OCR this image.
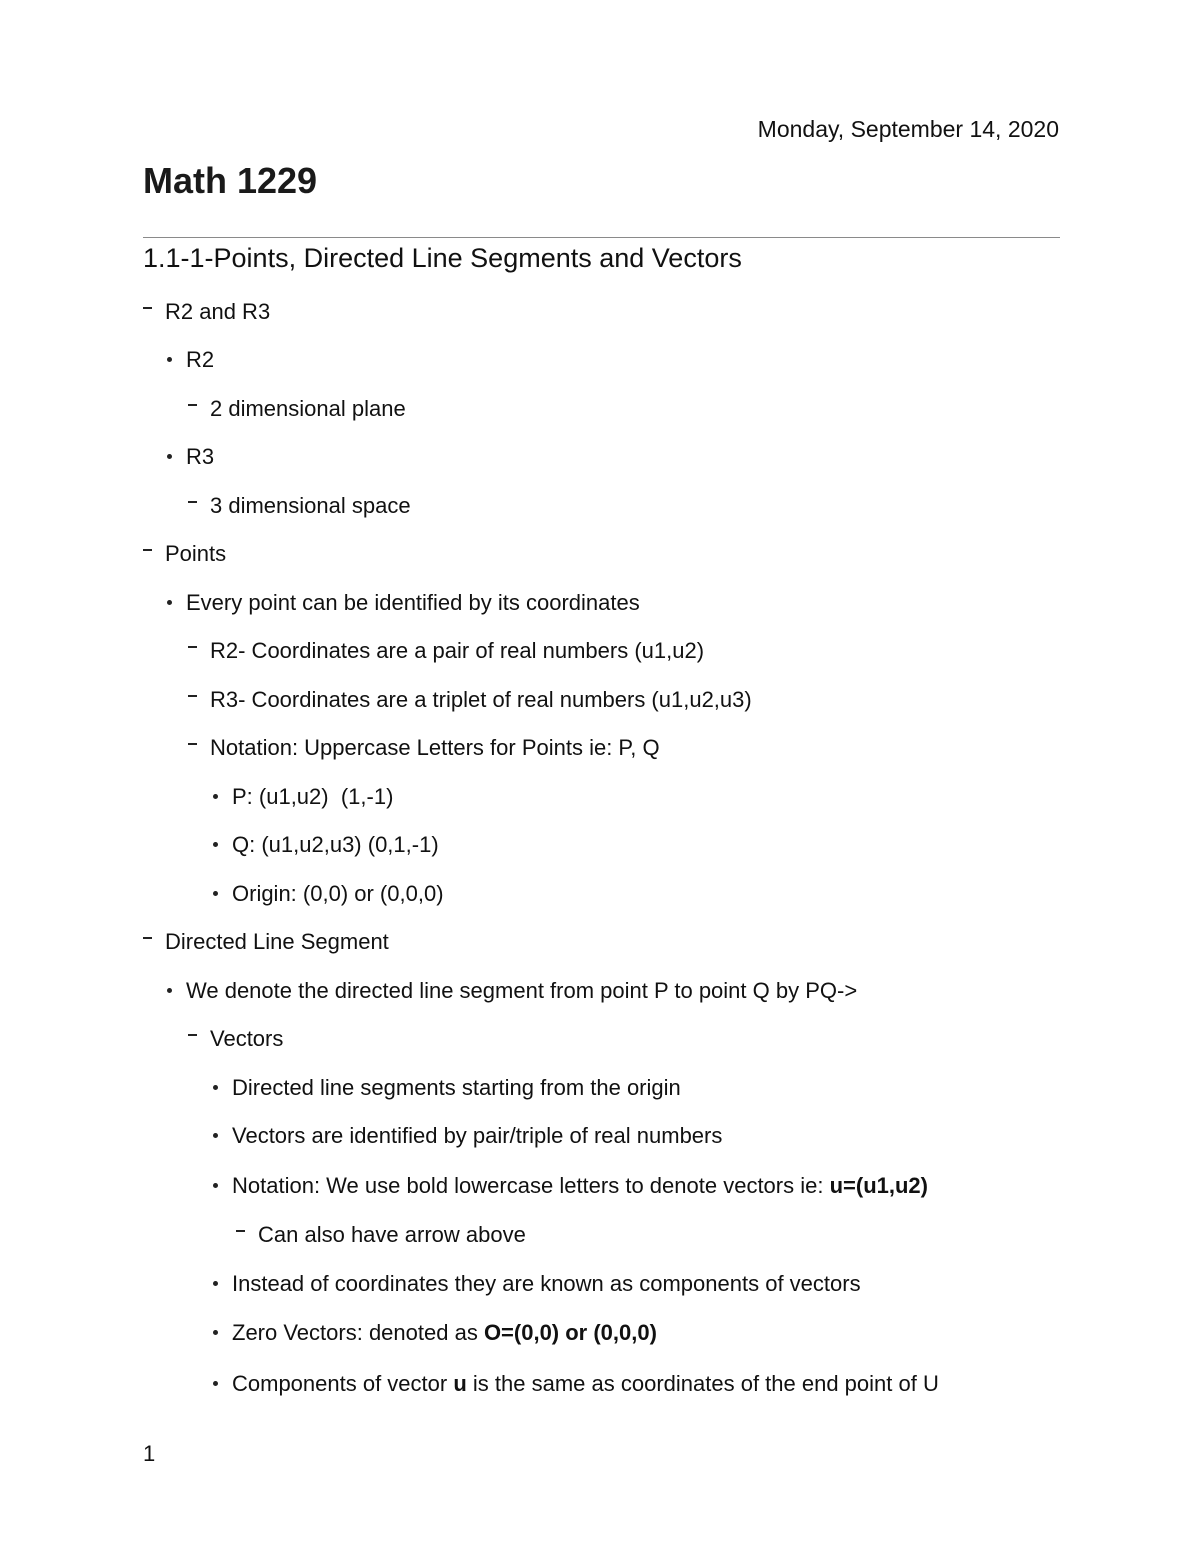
Monday, September 14, 2020
Math 1229
1.1-1-Points, Directed Line Segments and Vectors
R2 and R3
R2
2 dimensional plane
R3
3 dimensional space
Points
Every point can be identified by its coordinates
R2- Coordinates are a pair of real numbers (u1,u2)
R3- Coordinates are a triplet of real numbers (u1,u2,u3)
Notation: Uppercase Letters for Points ie: P, Q
P: (u1,u2)  (1,-1)
Q: (u1,u2,u3) (0,1,-1)
Origin: (0,0) or (0,0,0)
Directed Line Segment
We denote the directed line segment from point P to point Q by PQ->
Vectors
Directed line segments starting from the origin
Vectors are identified by pair/triple of real numbers
Notation: We use bold lowercase letters to denote vectors ie: u=(u1,u2)
Can also have arrow above
Instead of coordinates they are known as components of vectors
Zero Vectors: denoted as O=(0,0) or (0,0,0)
Components of vector u is the same as coordinates of the end point of U
1
